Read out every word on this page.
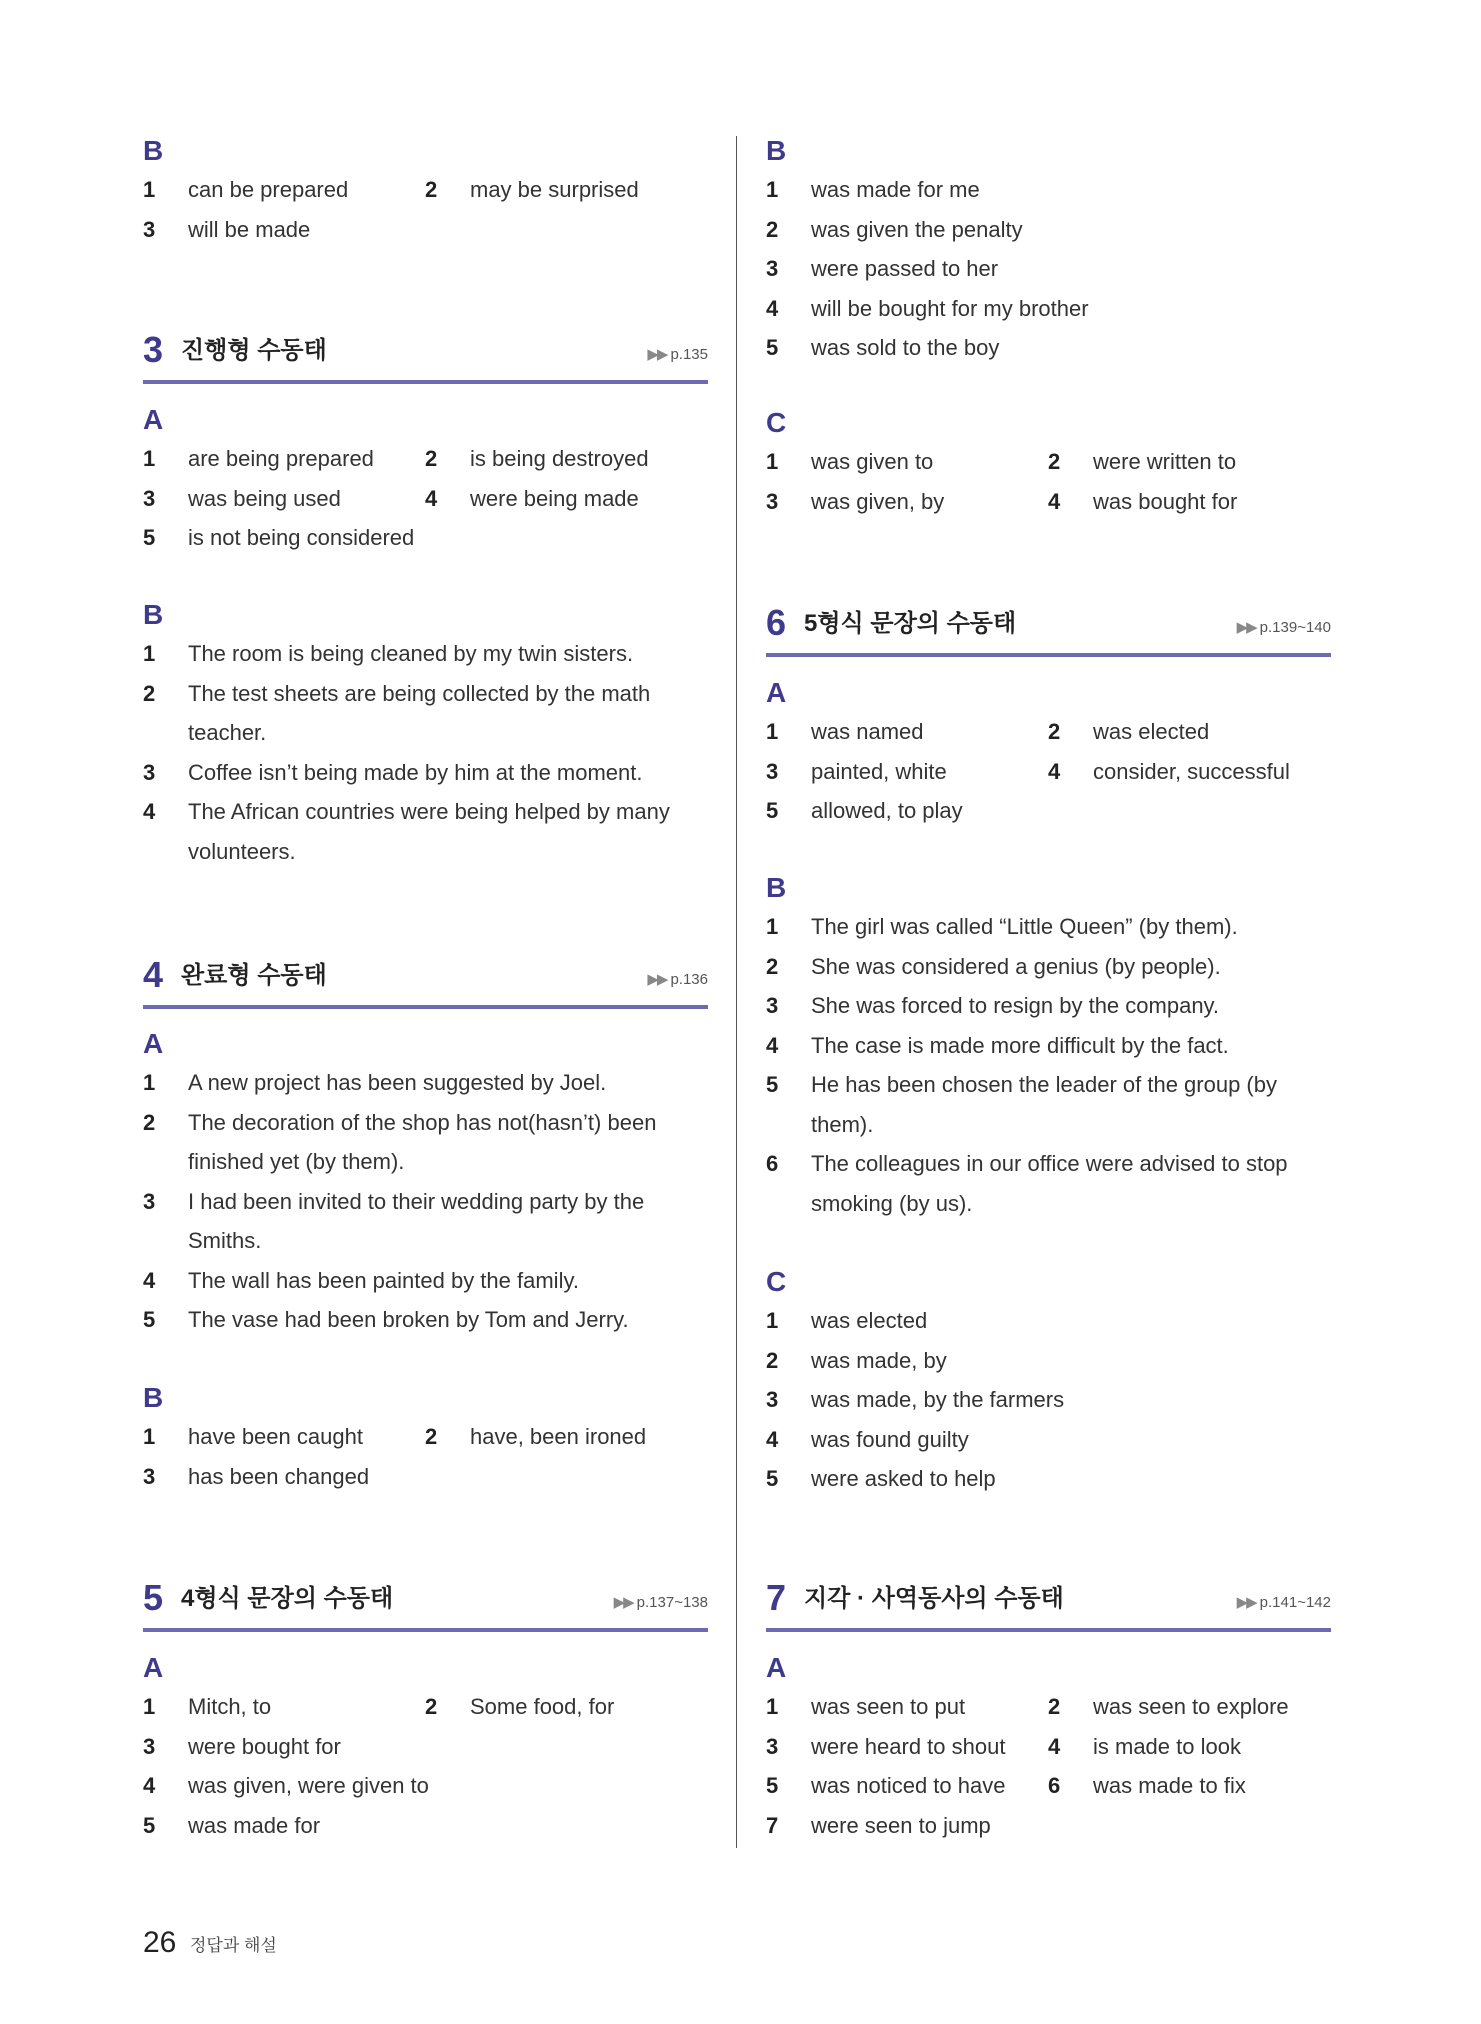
B
1 can be prepared	2 may be surprised
3 will be made
3 진행형 수동태	▶▶ p.135
A
1 are being prepared 2 is being destroyed
3 was being used	4 were being made
5 is not being considered
B
1 The room is being cleaned by my twin sisters.
2 The test sheets are being collected by the math
teacher.
3 Coffee isn’t being made by him at the moment.
4 The African countries were being helped by many
volunteers.
4 완료형 수동태	▶▶ p.136
A
1 A new project has been suggested by Joel.
2 The decoration of the shop has not(hasn’t) been
finished yet (by them).
3 I had been invited to their wedding party by the
Smiths.
4 The wall has been painted by the family.
5 The vase had been broken by Tom and Jerry.
B
1 have been caught	2 have, been ironed
3 has been changed
5 4형식 문장의 수동태	▶▶ p.137~138
A
1 Mitch, to	2 Some food, for
3 were bought for
4 was given, were given to
5 was made for
B
1 was made for me
2 was given the penalty
3 were passed to her
4 will be bought for my brother
5 was sold to the boy
C
1 was given to	2 were written to
3 was given, by	4 was bought for
6 5형식 문장의 수동태	▶▶ p.139~140
A
1 was named	2 was elected
3 painted, white	4 consider, successful
5 allowed, to play
B
1 The girl was called “Little Queen” (by them).
2 She was considered a genius (by people).
3 She was forced to resign by the company.
4 The case is made more difficult by the fact.
5 He has been chosen the leader of the group (by
them).
6 The colleagues in our office were advised to stop
smoking (by us).
C
1 was elected
2 was made, by
3 was made, by the farmers
4 was found guilty
5 were asked to help
7 지각 · 사역동사의 수동태	▶▶ p.141~142
A
1 was seen to put	2 was seen to explore
3 were heard to shout 4 is made to look
5 was noticed to have 6 was made to fix
7 were seen to jump
26 정답과 해설
